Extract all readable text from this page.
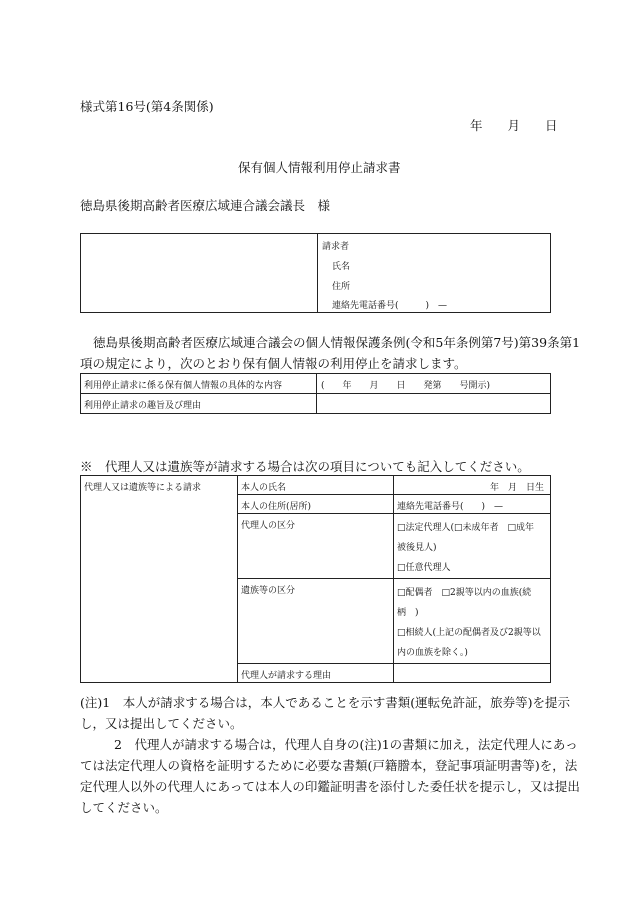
様式第16号(第4条関係)
年　　月　　日
保有個人情報利用停止請求書
徳島県後期高齢者医療広域連合議会議長　様

請求者
氏名
住所
連絡先電話番号(　　　)　—
徳島県後期高齢者医療広域連合議会の個人情報保護条例(令和5年条例第7号)第39条第1
項の規定により，次のとおり保有個人情報の利用停止を請求します。
利用停止請求に係る保有個人情報の具体的な内容	(　　年　　月　　日　　発第　　号開示)

利用停止請求の趣旨及び理由	

※　代理人又は遺族等が請求する場合は次の項目についても記入してください。
代理人又は遺族等による請求	本人の氏名	年　月　日生

	本人の住所(居所)	連絡先電話番号(　　)　—

	代理人の区分	□法定代理人(□未成年者　□成年
被後見人)
□任意代理人

	遺族等の区分	□配偶者　□2親等以内の血族(続
柄　)
□相続人(上記の配偶者及び2親等以
内の血族を除く。)

	代理人が請求する理由	

(注)1　本人が請求する場合は，本人であることを示す書類(運転免許証，旅券等)を提示
し，又は提出してください。
2　代理人が請求する場合は，代理人自身の(注)1の書類に加え，法定代理人にあっ
ては法定代理人の資格を証明するために必要な書類(戸籍謄本，登記事項証明書等)を，法
定代理人以外の代理人にあっては本人の印鑑証明書を添付した委任状を提示し，又は提出
してください。
